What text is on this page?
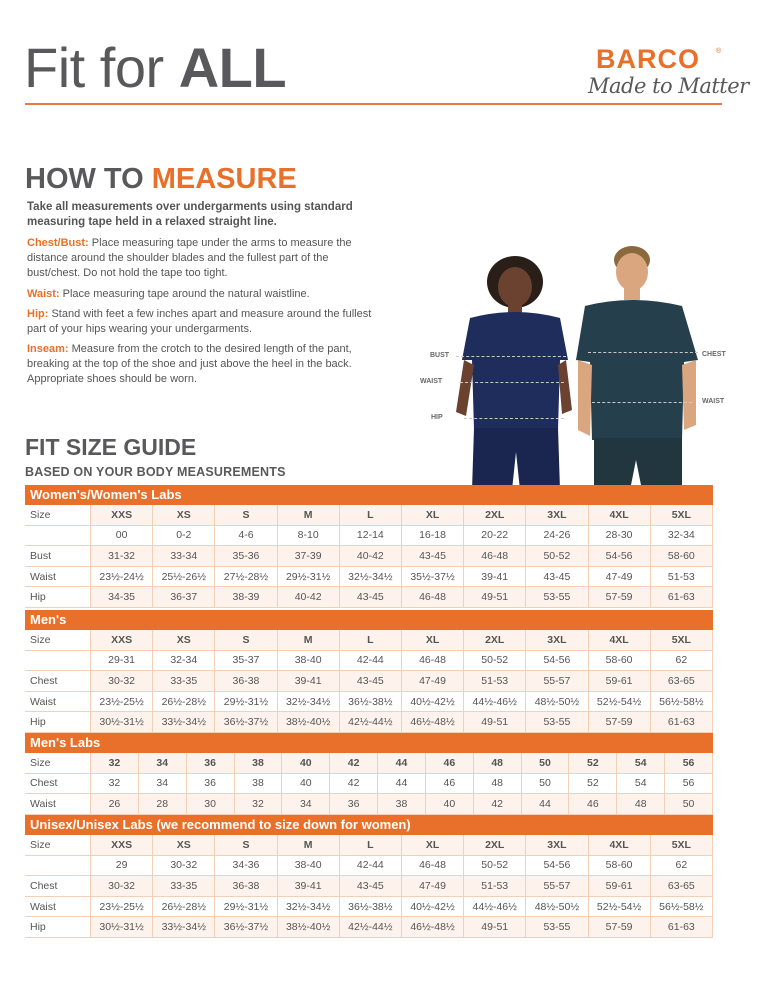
Fit for ALL	BARCO ®
Made to Matter
HOW TO MEASURE
Take all measurements over undergarments using standard measuring tape held in a relaxed straight line.
Chest/Bust: Place measuring tape under the arms to measure the distance around the shoulder blades and the fullest part of the bust/chest. Do not hold the tape too tight.
Waist: Place measuring tape around the natural waistline.
Hip: Stand with feet a few inches apart and measure around the fullest part of your hips wearing your undergarments.
Inseam: Measure from the crotch to the desired length of the pant, breaking at the top of the shoe and just above the heel in the back. Appropriate shoes should be worn.
BUST
WAIST
HIP
CHEST
WAIST
FIT SIZE GUIDE
BASED ON YOUR BODY MEASUREMENTS
Women's/Women's Labs
Size	XXS	XS	S	M	L	XL	2XL	3XL	4XL	5XL
	00	0-2	4-6	8-10	12-14	16-18	20-22	24-26	28-30	32-34
Bust	31-32	33-34	35-36	37-39	40-42	43-45	46-48	50-52	54-56	58-60
Waist	23½-24½	25½-26½	27½-28½	29½-31½	32½-34½	35½-37½	39-41	43-45	47-49	51-53
Hip	34-35	36-37	38-39	40-42	43-45	46-48	49-51	53-55	57-59	61-63
Men's
Size	XXS	XS	S	M	L	XL	2XL	3XL	4XL	5XL
	29-31	32-34	35-37	38-40	42-44	46-48	50-52	54-56	58-60	62
Chest	30-32	33-35	36-38	39-41	43-45	47-49	51-53	55-57	59-61	63-65
Waist	23½-25½	26½-28½	29½-31½	32½-34½	36½-38½	40½-42½	44½-46½	48½-50½	52½-54½	56½-58½
Hip	30½-31½	33½-34½	36½-37½	38½-40½	42½-44½	46½-48½	49-51	53-55	57-59	61-63
Men's Labs
Size	32	34	36	38	40	42	44	46	48	50	52	54	56
Chest	32	34	36	38	40	42	44	46	48	50	52	54	56
Waist	26	28	30	32	34	36	38	40	42	44	46	48	50
Unisex/Unisex Labs (we recommend to size down for women)
Size	XXS	XS	S	M	L	XL	2XL	3XL	4XL	5XL
	29	30-32	34-36	38-40	42-44	46-48	50-52	54-56	58-60	62
Chest	30-32	33-35	36-38	39-41	43-45	47-49	51-53	55-57	59-61	63-65
Waist	23½-25½	26½-28½	29½-31½	32½-34½	36½-38½	40½-42½	44½-46½	48½-50½	52½-54½	56½-58½
Hip	30½-31½	33½-34½	36½-37½	38½-40½	42½-44½	46½-48½	49-51	53-55	57-59	61-63
